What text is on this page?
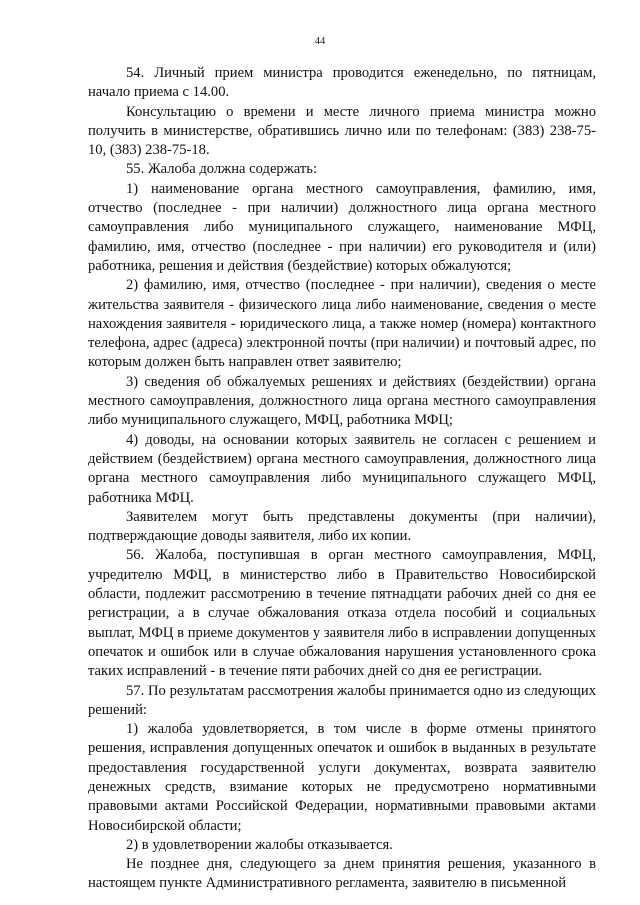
44

54. Личный прием министра проводится еженедельно, по пятницам, начало приема с 14.00.

Консультацию о времени и месте личного приема министра можно получить в министерстве, обратившись лично или по телефонам: (383) 238-75-10, (383) 238-75-18.

55. Жалоба должна содержать:

1) наименование органа местного самоуправления, фамилию, имя, отчество (последнее - при наличии) должностного лица органа местного самоуправления либо муниципального служащего, наименование МФЦ, фамилию, имя, отчество (последнее - при наличии) его руководителя и (или) работника, решения и действия (бездействие) которых обжалуются;

2) фамилию, имя, отчество (последнее - при наличии), сведения о месте жительства заявителя - физического лица либо наименование, сведения о месте нахождения заявителя - юридического лица, а также номер (номера) контактного телефона, адрес (адреса) электронной почты (при наличии) и почтовый адрес, по которым должен быть направлен ответ заявителю;

3) сведения об обжалуемых решениях и действиях (бездействии) органа местного самоуправления, должностного лица органа местного самоуправления либо муниципального служащего, МФЦ, работника МФЦ;

4) доводы, на основании которых заявитель не согласен с решением и действием (бездействием) органа местного самоуправления, должностного лица органа местного самоуправления либо муниципального служащего МФЦ, работника МФЦ.

Заявителем могут быть представлены документы (при наличии), подтверждающие доводы заявителя, либо их копии.

56. Жалоба, поступившая в орган местного самоуправления, МФЦ, учредителю МФЦ, в министерство либо в Правительство Новосибирской области, подлежит рассмотрению в течение пятнадцати рабочих дней со дня ее регистрации, а в случае обжалования отказа отдела пособий и социальных выплат, МФЦ в приеме документов у заявителя либо в исправлении допущенных опечаток и ошибок или в случае обжалования нарушения установленного срока таких исправлений - в течение пяти рабочих дней со дня ее регистрации.

57. По результатам рассмотрения жалобы принимается одно из следующих решений:

1) жалоба удовлетворяется, в том числе в форме отмены принятого решения, исправления допущенных опечаток и ошибок в выданных в результате предоставления государственной услуги документах, возврата заявителю денежных средств, взимание которых не предусмотрено нормативными правовыми актами Российской Федерации, нормативными правовыми актами Новосибирской области;

2) в удовлетворении жалобы отказывается.

Не позднее дня, следующего за днем принятия решения, указанного в настоящем пункте Административного регламента, заявителю в письменной
